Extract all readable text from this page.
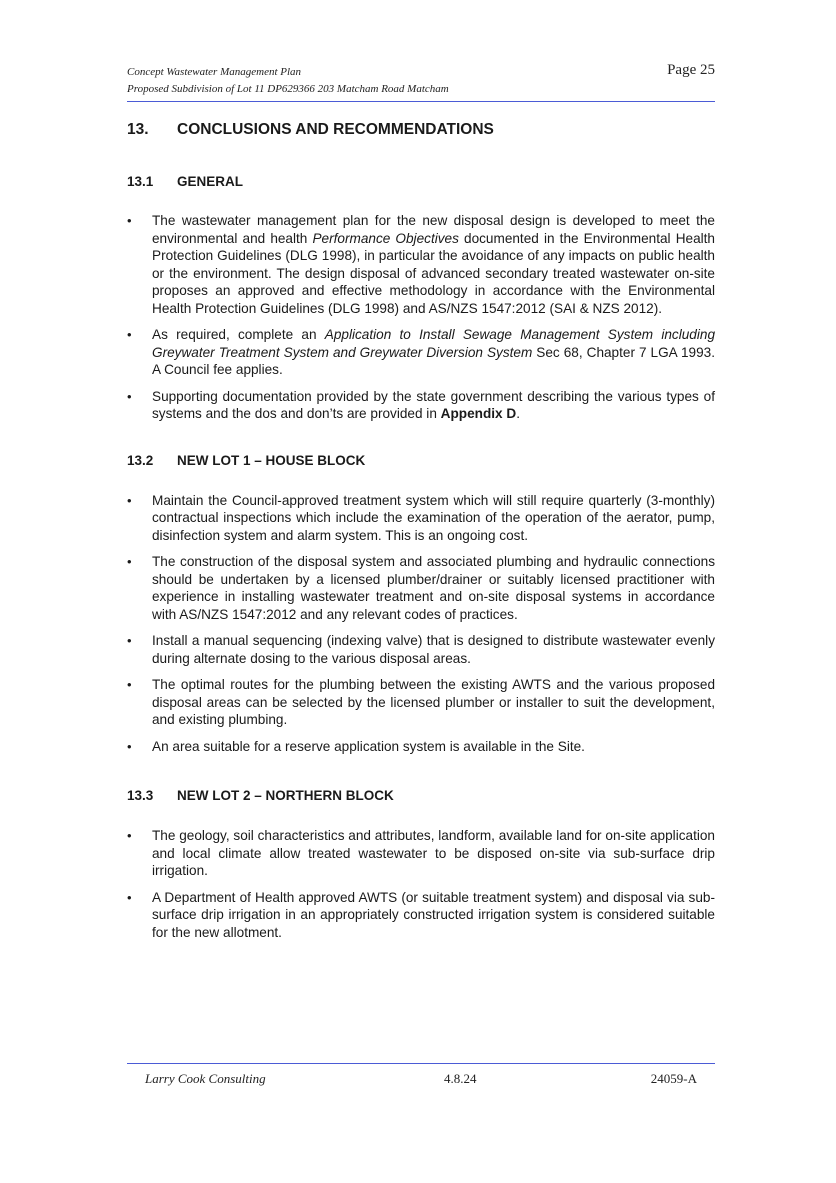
Concept Wastewater Management Plan
Proposed Subdivision of Lot 11 DP629366 203 Matcham Road Matcham
Page 25
13.	CONCLUSIONS AND RECOMMENDATIONS
13.1	GENERAL
• The wastewater management plan for the new disposal design is developed to meet the environmental and health Performance Objectives documented in the Environmental Health Protection Guidelines (DLG 1998), in particular the avoidance of any impacts on public health or the environment. The design disposal of advanced secondary treated wastewater on-site proposes an approved and effective methodology in accordance with the Environmental Health Protection Guidelines (DLG 1998) and AS/NZS 1547:2012 (SAI & NZS 2012).
• As required, complete an Application to Install Sewage Management System including Greywater Treatment System and Greywater Diversion System Sec 68, Chapter 7 LGA 1993. A Council fee applies.
• Supporting documentation provided by the state government describing the various types of systems and the dos and don’ts are provided in Appendix D.
13.2	NEW LOT 1 – HOUSE BLOCK
• Maintain the Council-approved treatment system which will still require quarterly (3-monthly) contractual inspections which include the examination of the operation of the aerator, pump, disinfection system and alarm system. This is an ongoing cost.
• The construction of the disposal system and associated plumbing and hydraulic connections should be undertaken by a licensed plumber/drainer or suitably licensed practitioner with experience in installing wastewater treatment and on-site disposal systems in accordance with AS/NZS 1547:2012 and any relevant codes of practices.
• Install a manual sequencing (indexing valve) that is designed to distribute wastewater evenly during alternate dosing to the various disposal areas.
• The optimal routes for the plumbing between the existing AWTS and the various proposed disposal areas can be selected by the licensed plumber or installer to suit the development, and existing plumbing.
• An area suitable for a reserve application system is available in the Site.
13.3	NEW LOT 2 – NORTHERN BLOCK
• The geology, soil characteristics and attributes, landform, available land for on-site application and local climate allow treated wastewater to be disposed on-site via sub-surface drip irrigation.
• A Department of Health approved AWTS (or suitable treatment system) and disposal via sub-surface drip irrigation in an appropriately constructed irrigation system is considered suitable for the new allotment.
Larry Cook Consulting	4.8.24	24059-A
